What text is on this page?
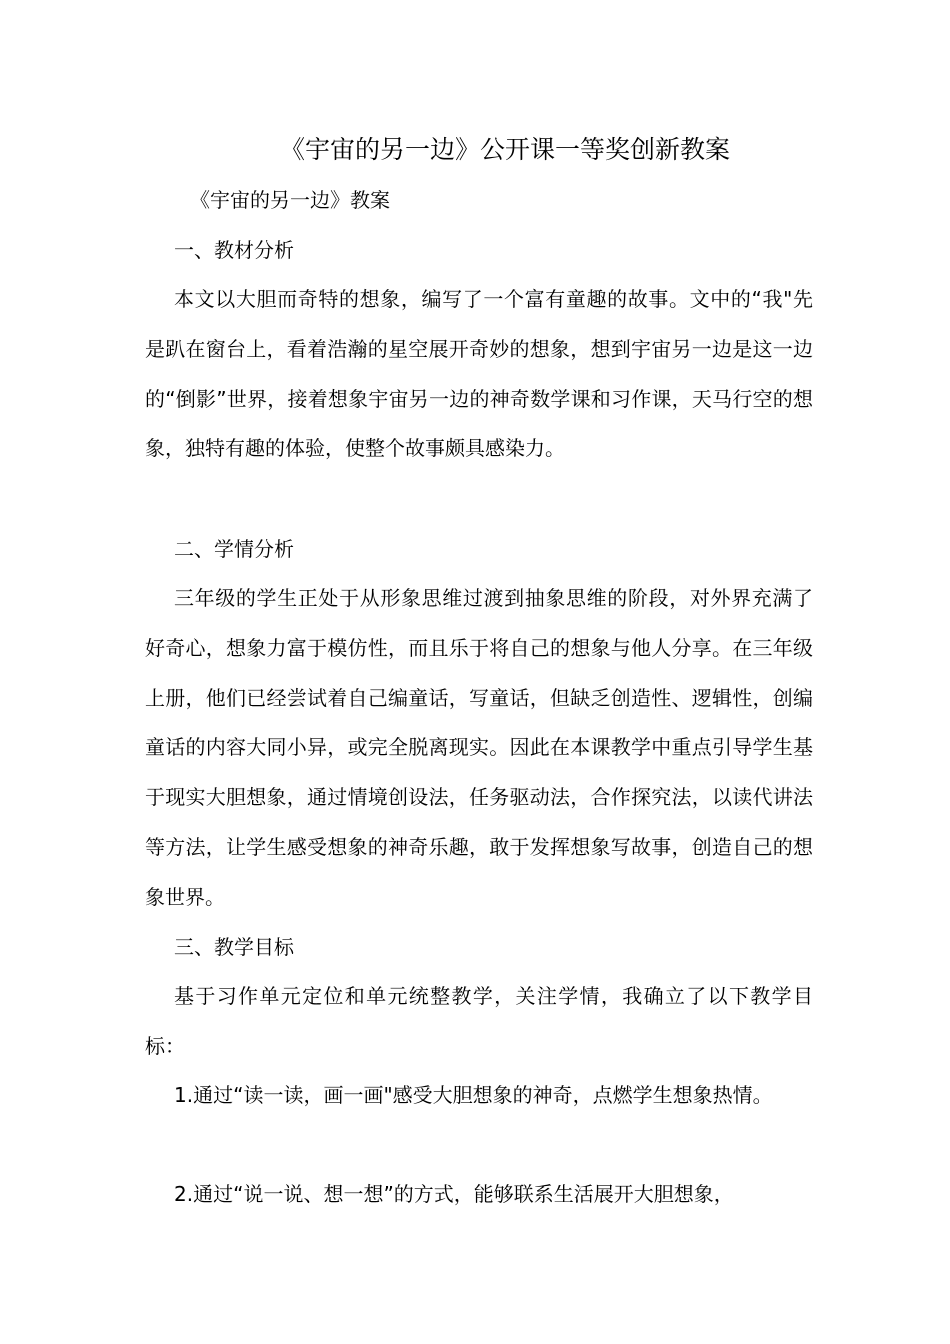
《宇宙的另一边》公开课一等奖创新教案
《宇宙的另一边》教案
一、教材分析

本文以大胆而奇特的想象，编写了一个富有童趣的故事。文中的“我"先是趴在窗台上，看着浩瀚的星空展开奇妙的想象，想到宇宙另一边是这一边的“倒影”世界，接着想象宇宙另一边的神奇数学课和习作课，天马行空的想象，独特有趣的体验，使整个故事颇具感染力。

二、学情分析

三年级的学生正处于从形象思维过渡到抽象思维的阶段，对外界充满了好奇心，想象力富于模仿性，而且乐于将自己的想象与他人分享。在三年级上册，他们已经尝试着自己编童话，写童话，但缺乏创造性、逻辑性，创编童话的内容大同小异，或完全脱离现实。因此在本课教学中重点引导学生基于现实大胆想象，通过情境创设法，任务驱动法，合作探究法，以读代讲法等方法，让学生感受想象的神奇乐趣，敢于发挥想象写故事，创造自己的想象世界。

三、教学目标

基于习作单元定位和单元统整教学，关注学情，我确立了以下教学目标：

1.通过“读一读，画一画"感受大胆想象的神奇，点燃学生想象热情。

2.通过“说一说、想一想”的方式，能够联系生活展开大胆想象，
